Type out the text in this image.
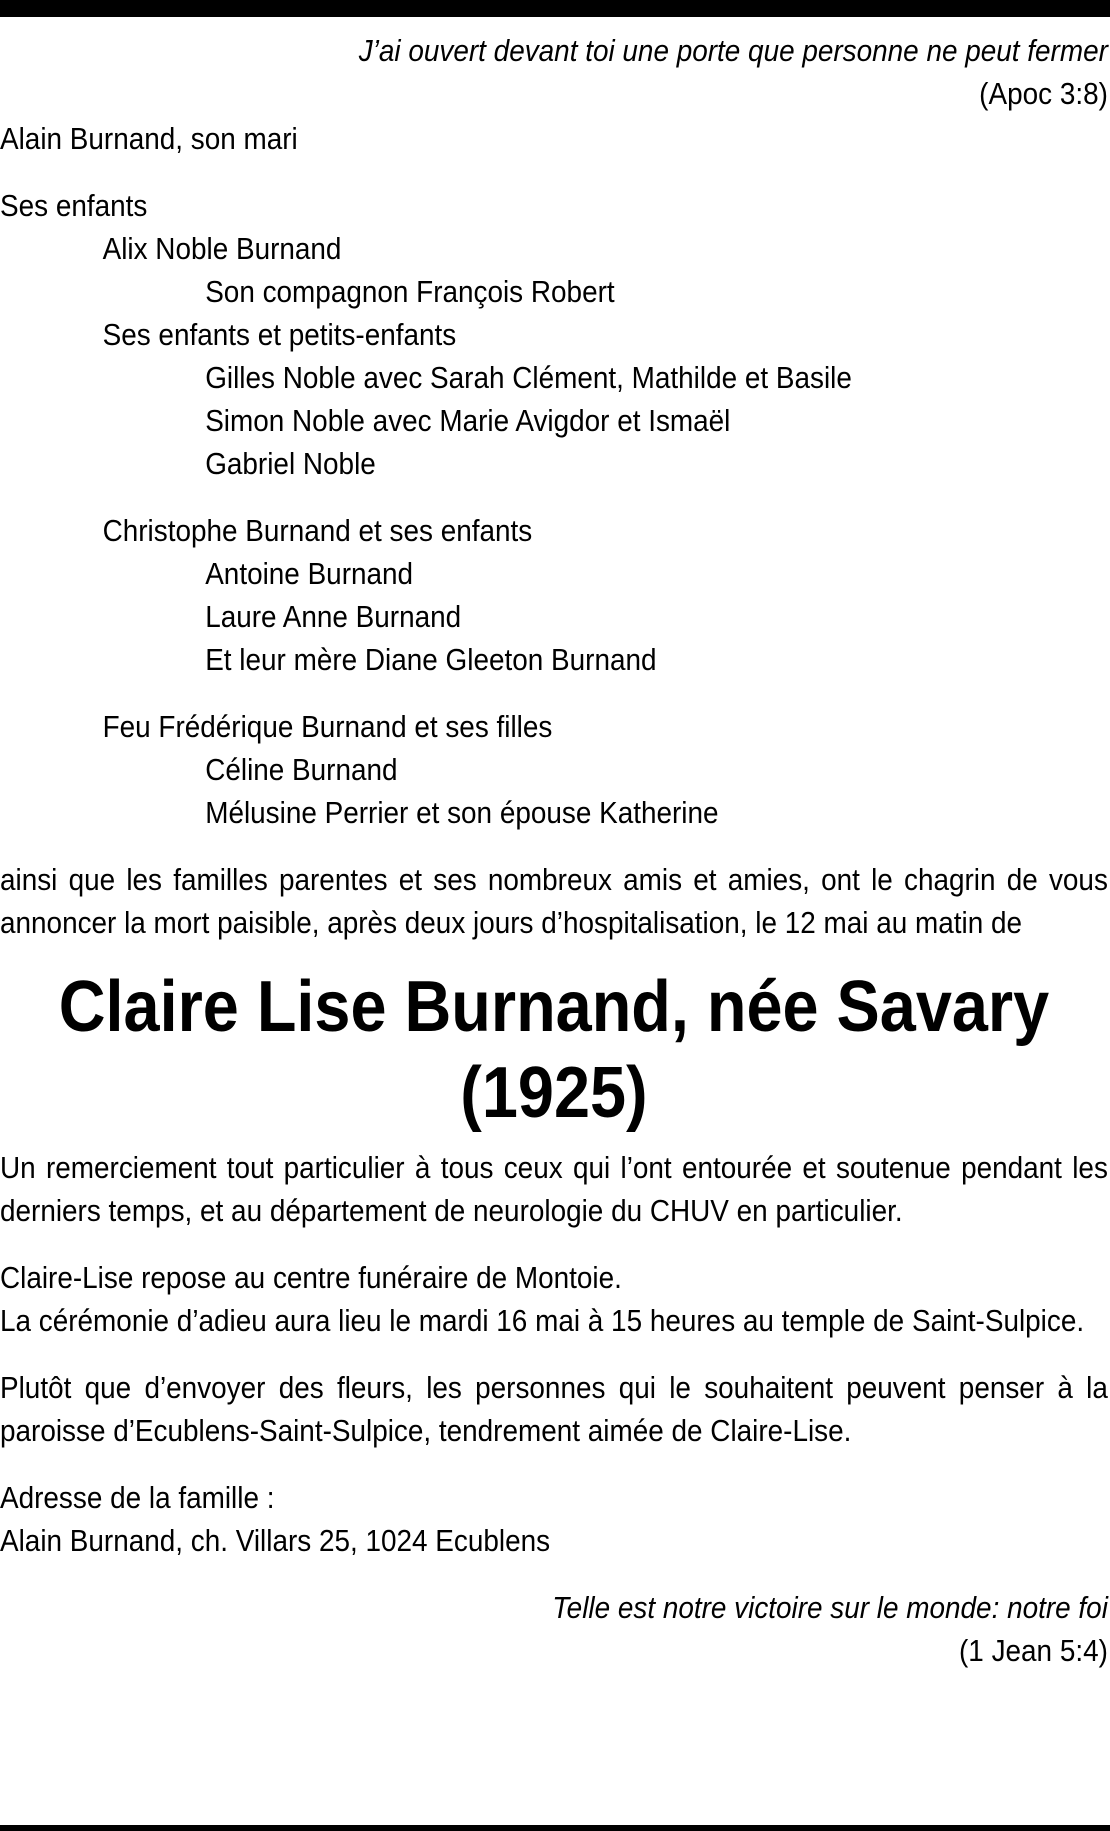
J’ai ouvert devant toi une porte que personne ne peut fermer
(Apoc 3:8)
Alain Burnand, son mari
Ses enfants
Alix Noble Burnand
Son compagnon François Robert
Ses enfants et petits-enfants
Gilles Noble avec Sarah Clément, Mathilde et Basile
Simon Noble avec Marie Avigdor et Ismaël
Gabriel Noble
Christophe Burnand et ses enfants
Antoine Burnand
Laure Anne Burnand
Et leur mère Diane Gleeton Burnand
Feu Frédérique Burnand et ses filles
Céline Burnand
Mélusine Perrier et son épouse Katherine
ainsi que les familles parentes et ses nombreux amis et amies, ont le chagrin de vous annoncer la mort paisible, après deux jours d’hospitalisation, le 12 mai au matin de
Claire Lise Burnand, née Savary
(1925)
Un remerciement tout particulier à tous ceux qui l’ont entourée et soutenue pendant les derniers temps, et au département de neurologie du CHUV en particulier.
Claire-Lise repose au centre funéraire de Montoie.
La cérémonie d’adieu aura lieu le mardi 16 mai à 15 heures au temple de Saint-Sulpice.
Plutôt que d’envoyer des fleurs, les personnes qui le souhaitent peuvent penser à la paroisse d’Ecublens-Saint-Sulpice, tendrement aimée de Claire-Lise.
Adresse de la famille :
Alain Burnand, ch. Villars 25, 1024 Ecublens
Telle est notre victoire sur le monde: notre foi
(1 Jean 5:4)
